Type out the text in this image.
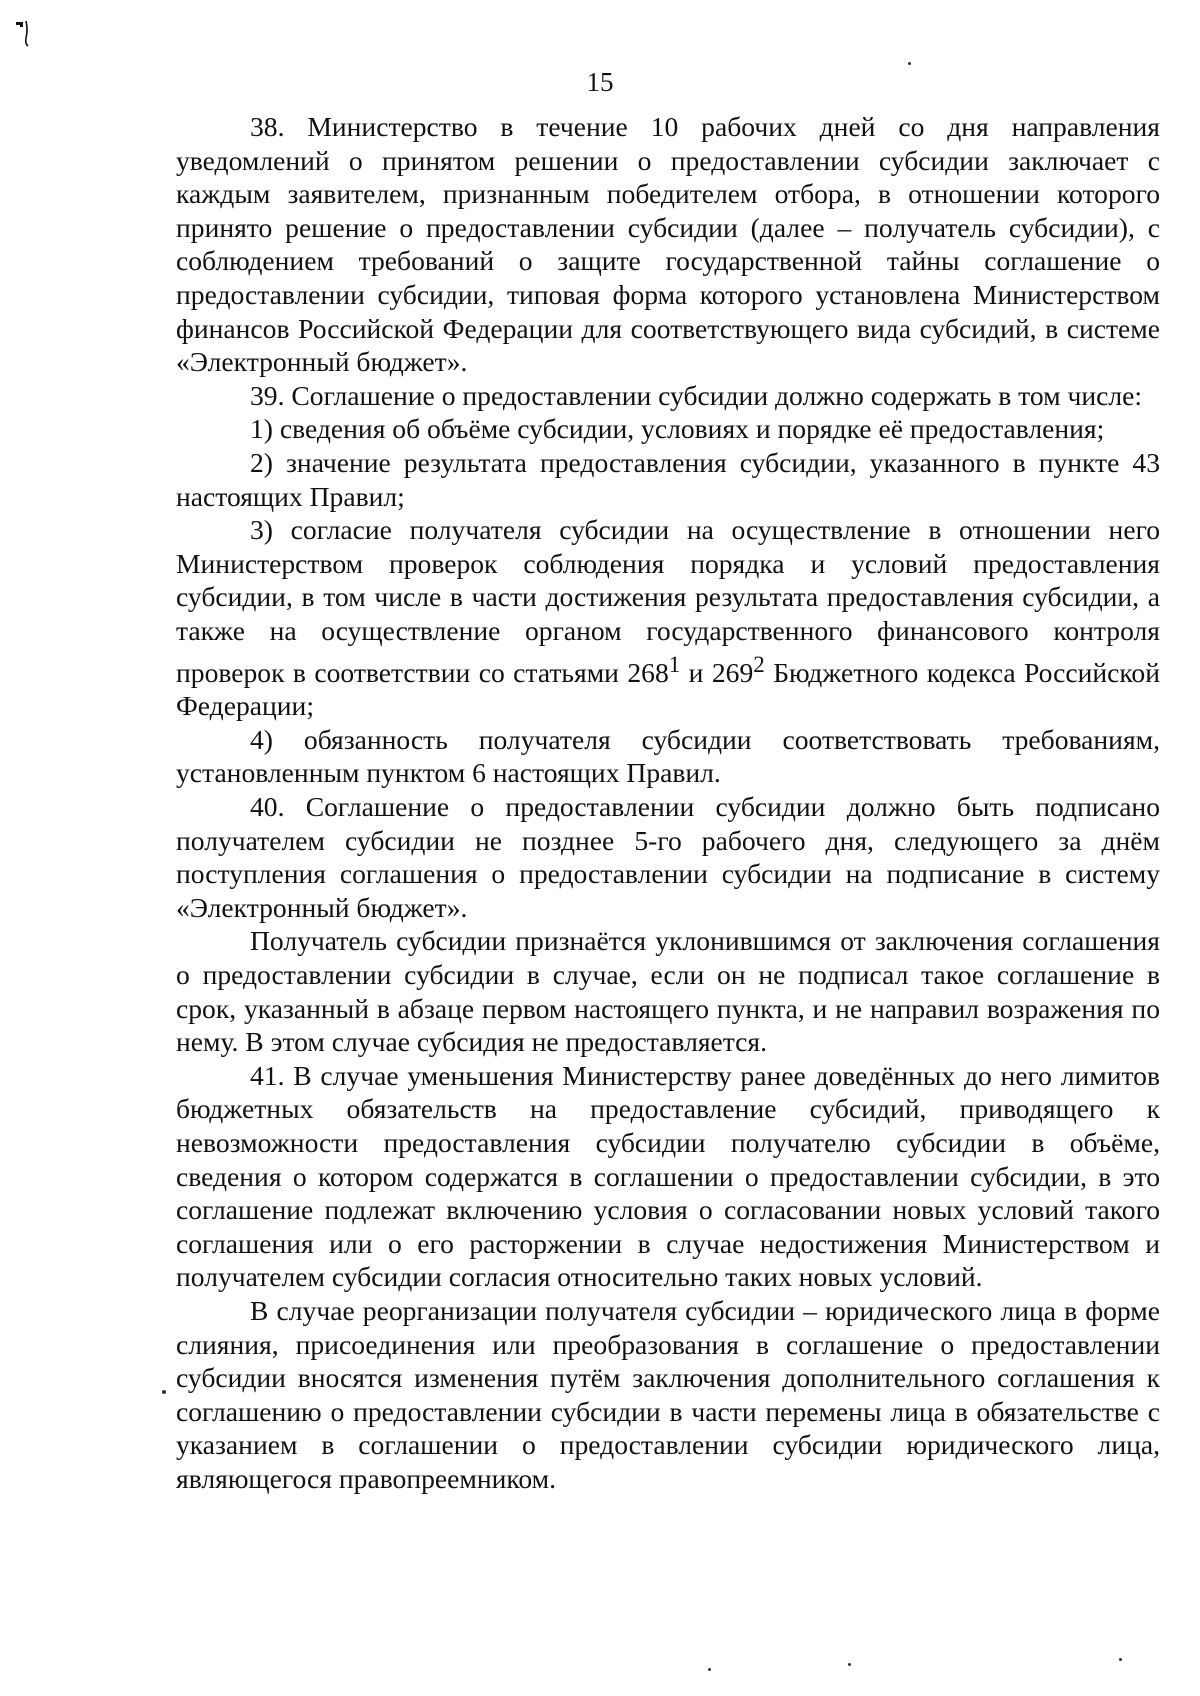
15

38. Министерство в течение 10 рабочих дней со дня направления уведомлений о принятом решении о предоставлении субсидии заключает с каждым заявителем, признанным победителем отбора, в отношении которого принято решение о предоставлении субсидии (далее – получатель субсидии), с соблюдением требований о защите государственной тайны соглашение о предоставлении субсидии, типовая форма которого установлена Министерством финансов Российской Федерации для соответствующего вида субсидий, в системе «Электронный бюджет».

39. Соглашение о предоставлении субсидии должно содержать в том числе:

1) сведения об объёме субсидии, условиях и порядке её предоставления;

2) значение результата предоставления субсидии, указанного в пункте 43 настоящих Правил;

3) согласие получателя субсидии на осуществление в отношении него Министерством проверок соблюдения порядка и условий предоставления субсидии, в том числе в части достижения результата предоставления субсидии, а также на осуществление органом государственного финансового контроля проверок в соответствии со статьями $268^1$ и $269^2$ Бюджетного кодекса Российской Федерации;

4) обязанность получателя субсидии соответствовать требованиям, установленным пунктом 6 настоящих Правил.

40. Соглашение о предоставлении субсидии должно быть подписано получателем субсидии не позднее 5-го рабочего дня, следующего за днём поступления соглашения о предоставлении субсидии на подписание в систему «Электронный бюджет».

Получатель субсидии признаётся уклонившимся от заключения соглашения о предоставлении субсидии в случае, если он не подписал такое соглашение в срок, указанный в абзаце первом настоящего пункта, и не направил возражения по нему. В этом случае субсидия не предоставляется.

41. В случае уменьшения Министерству ранее доведённых до него лимитов бюджетных обязательств на предоставление субсидий, приводящего к невозможности предоставления субсидии получателю субсидии в объёме, сведения о котором содержатся в соглашении о предоставлении субсидии, в это соглашение подлежат включению условия о согласовании новых условий такого соглашения или о его расторжении в случае недостижения Министерством и получателем субсидии согласия относительно таких новых условий.

В случае реорганизации получателя субсидии – юридического лица в форме слияния, присоединения или преобразования в соглашение о предоставлении субсидии вносятся изменения путём заключения дополнительного соглашения к соглашению о предоставлении субсидии в части перемены лица в обязательстве с указанием в соглашении о предоставлении субсидии юридического лица, являющегося правопреемником.
